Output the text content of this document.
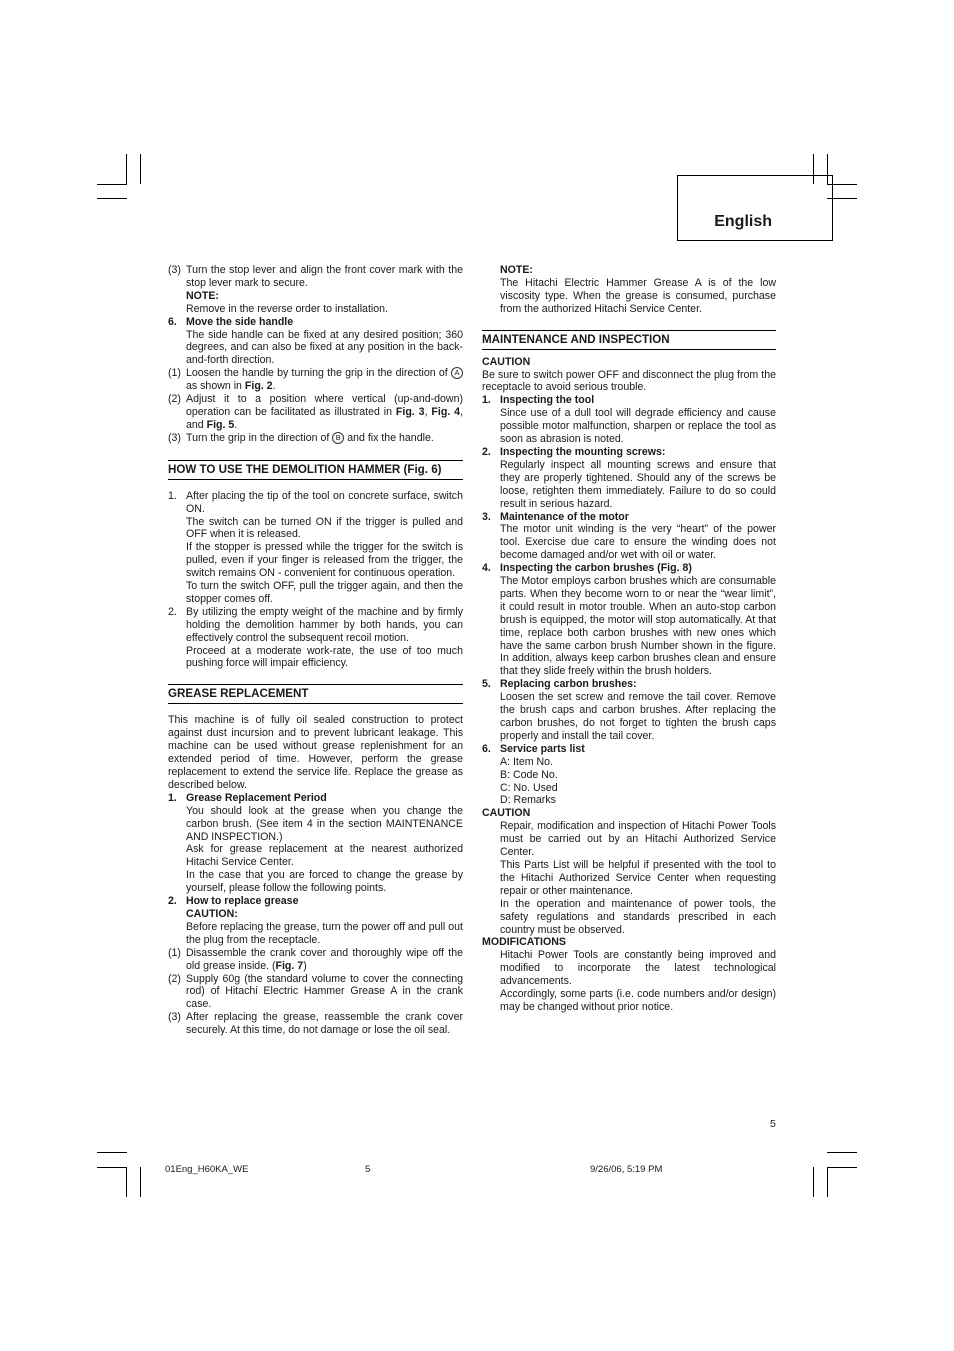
English
(3) Turn the stop lever and align the front cover mark with the stop lever mark to secure.

NOTE:

Remove in the reverse order to installation.

6. Move the side handle

The side handle can be fixed at any desired position; 360 degrees, and can also be fixed at any position in the back-and-forth direction.

(1) Loosen the handle by turning the grip in the direction of A as shown in Fig. 2.

(2) Adjust it to a position where vertical (up-and-down) operation can be facilitated as illustrated in Fig. 3, Fig. 4, and Fig. 5.

(3) Turn the grip in the direction of B and fix the handle.

HOW TO USE THE DEMOLITION HAMMER (Fig. 6)

1. After placing the tip of the tool on concrete surface, switch ON.

The switch can be turned ON if the trigger is pulled and OFF when it is released.

If the stopper is pressed while the trigger for the switch is pulled, even if your finger is released from the trigger, the switch remains ON - convenient for continuous operation.

To turn the switch OFF, pull the trigger again, and then the stopper comes off.

2. By utilizing the empty weight of the machine and by firmly holding the demolition hammer by both hands, you can effectively control the subsequent recoil motion.

Proceed at a moderate work-rate, the use of too much pushing force will impair efficiency.

GREASE REPLACEMENT

This machine is of fully oil sealed construction to protect against dust incursion and to prevent lubricant leakage. This machine can be used without grease replenishment for an extended period of time. However, perform the grease replacement to extend the service life. Replace the grease as described below.

1. Grease Replacement Period

You should look at the grease when you change the carbon brush. (See item 4 in the section MAINTENANCE AND INSPECTION.)

Ask for grease replacement at the nearest authorized Hitachi Service Center.

In the case that you are forced to change the grease by yourself, please follow the following points.

2. How to replace grease

CAUTION:

Before replacing the grease, turn the power off and pull out the plug from the receptacle.

(1) Disassemble the crank cover and thoroughly wipe off the old grease inside. (Fig. 7)

(2) Supply 60g (the standard volume to cover the connecting rod) of Hitachi Electric Hammer Grease A in the crank case.

(3) After replacing the grease, reassemble the crank cover securely. At this time, do not damage or lose the oil seal.

NOTE:

The Hitachi Electric Hammer Grease A is of the low viscosity type. When the grease is consumed, purchase from the authorized Hitachi Service Center.

MAINTENANCE AND INSPECTION

CAUTION

Be sure to switch power OFF and disconnect the plug from the receptacle to avoid serious trouble.

1. Inspecting the tool

Since use of a dull tool will degrade efficiency and cause possible motor malfunction, sharpen or replace the tool as soon as abrasion is noted.

2. Inspecting the mounting screws:

Regularly inspect all mounting screws and ensure that they are properly tightened. Should any of the screws be loose, retighten them immediately. Failure to do so could result in serious hazard.

3. Maintenance of the motor

The motor unit winding is the very “heart” of the power tool. Exercise due care to ensure the winding does not become damaged and/or wet with oil or water.

4. Inspecting the carbon brushes (Fig. 8)

The Motor employs carbon brushes which are consumable parts. When they become worn to or near the “wear limit”, it could result in motor trouble. When an auto-stop carbon brush is equipped, the motor will stop automatically. At that time, replace both carbon brushes with new ones which have the same carbon brush Number shown in the figure. In addition, always keep carbon brushes clean and ensure that they slide freely within the brush holders.

5. Replacing carbon brushes:

Loosen the set screw and remove the tail cover. Remove the brush caps and carbon brushes. After replacing the carbon brushes, do not forget to tighten the brush caps properly and install the tail cover.

6. Service parts list

A: Item No.

B: Code No.

C: No. Used

D: Remarks

CAUTION

Repair, modification and inspection of Hitachi Power Tools must be carried out by an Hitachi Authorized Service Center.

This Parts List will be helpful if presented with the tool to the Hitachi Authorized Service Center when requesting repair or other maintenance.

In the operation and maintenance of power tools, the safety regulations and standards prescribed in each country must be observed.

MODIFICATIONS

Hitachi Power Tools are constantly being improved and modified to incorporate the latest technological advancements.

Accordingly, some parts (i.e. code numbers and/or design) may be changed without prior notice.

5
01Eng_H60KA_WE	5	9/26/06, 5:19 PM
